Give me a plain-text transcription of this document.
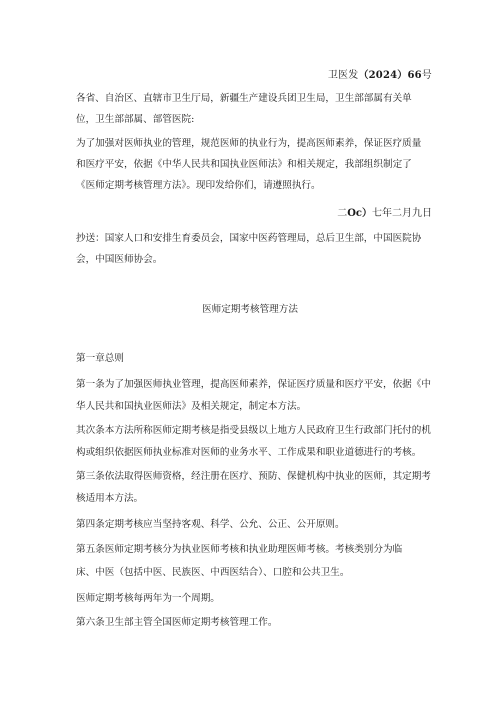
卫医发（2024）66号

各省、自治区、直辖市卫生厅局，新疆生产建设兵团卫生局，卫生部部属有关单位，卫生部部属、部管医院:

为了加强对医师执业的管理，规范医师的执业行为，提高医师素养，保证医疗质量和医疗平安，依据《中华人民共和国执业医师法》和相关规定，我部组织制定了《医师定期考核管理方法》。现印发给你们，请遵照执行。

二Oc）七年二月九日

抄送：国家人口和安排生育委员会，国家中医药管理局，总后卫生部，中国医院协会，中国医师协会。

医师定期考核管理方法
第一章总则
第一条为了加强医师执业管理，提高医师素养，保证医疗质量和医疗平安，依据《中
华人民共和国执业医师法》及相关规定，制定本方法。
其次条本方法所称医师定期考核是指受县级以上地方人民政府卫生行政部门托付的机
构或组织依据医师执业标准对医师的业务水平、工作成果和职业道德进行的考核。
第三条依法取得医师资格，经注册在医疗、预防、保健机构中执业的医师，其定期考
核适用本方法。
第四条定期考核应当坚持客观、科学、公允、公正、公开原则。
第五条医师定期考核分为执业医师考核和执业助理医师考核。考核类别分为临
床、中医（包括中医、民族医、中西医结合）、口腔和公共卫生。
医师定期考核每两年为一个周期。
第六条卫生部主管全国医师定期考核管理工作。
